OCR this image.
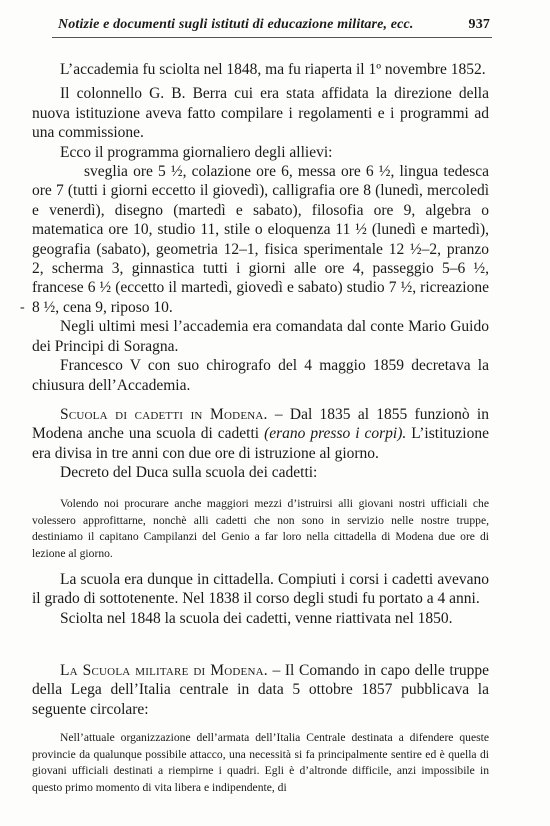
Notizie e documenti sugli istituti di educazione militare, ecc.	937
-

L’accademia fu sciolta nel 1848, ma fu riaperta il 1º novembre 1852.

Il colonnello G. B. Berra cui era stata affidata la direzione della nuova istituzione aveva fatto compilare i regolamenti e i programmi ad una commissione.

Ecco il programma giornaliero degli allievi:

sveglia ore 5 ½, colazione ore 6, messa ore 6 ½, lingua tedesca ore 7 (tutti i giorni eccetto il giovedì), calligrafia ore 8 (lunedì, mercoledì e venerdì), disegno (martedì e sabato), filosofia ore 9, algebra o matematica ore 10, studio 11, stile o eloquenza 11 ½ (lunedì e martedì), geografia (sabato), geometria 12–1, fisica sperimentale 12 ½–2, pranzo 2, scherma 3, ginnastica tutti i giorni alle ore 4, passeggio 5–6 ½, francese 6 ½ (eccetto il martedì, giovedì e sabato) studio 7 ½, ricreazione 8 ½, cena 9, riposo 10.

Negli ultimi mesi l’accademia era comandata dal conte Mario Guido dei Principi di Soragna.

Francesco V con suo chirografo del 4 maggio 1859 decretava la chiusura dell’Accademia.

Scuola di cadetti in Modena. – Dal 1835 al 1855 funzionò in Modena anche una scuola di cadetti (erano presso i corpi). L’istituzione era divisa in tre anni con due ore di istruzione al giorno.

Decreto del Duca sulla scuola dei cadetti:

Volendo noi procurare anche maggiori mezzi d’istruirsi alli giovani nostri ufficiali che volessero approfittarne, nonchè alli cadetti che non sono in servizio nelle nostre truppe, destiniamo il capitano Campilanzi del Genio a far loro nella cittadella di Modena due ore di lezione al giorno.

La scuola era dunque in cittadella. Compiuti i corsi i cadetti avevano il grado di sottotenente. Nel 1838 il corso degli studi fu portato a 4 anni.

Sciolta nel 1848 la scuola dei cadetti, venne riattivata nel 1850.

La Scuola militare di Modena. – Il Comando in capo delle truppe della Lega dell’Italia centrale in data 5 ottobre 1857 pubblicava la seguente circolare:

Nell’attuale organizzazione dell’armata dell’Italia Centrale destinata a difendere queste provincie da qualunque possibile attacco, una necessità si fa principalmente sentire ed è quella di giovani ufficiali destinati a riempirne i quadri. Egli è d’altronde difficile, anzi impossibile in questo primo momento di vita libera e indipendente, di
